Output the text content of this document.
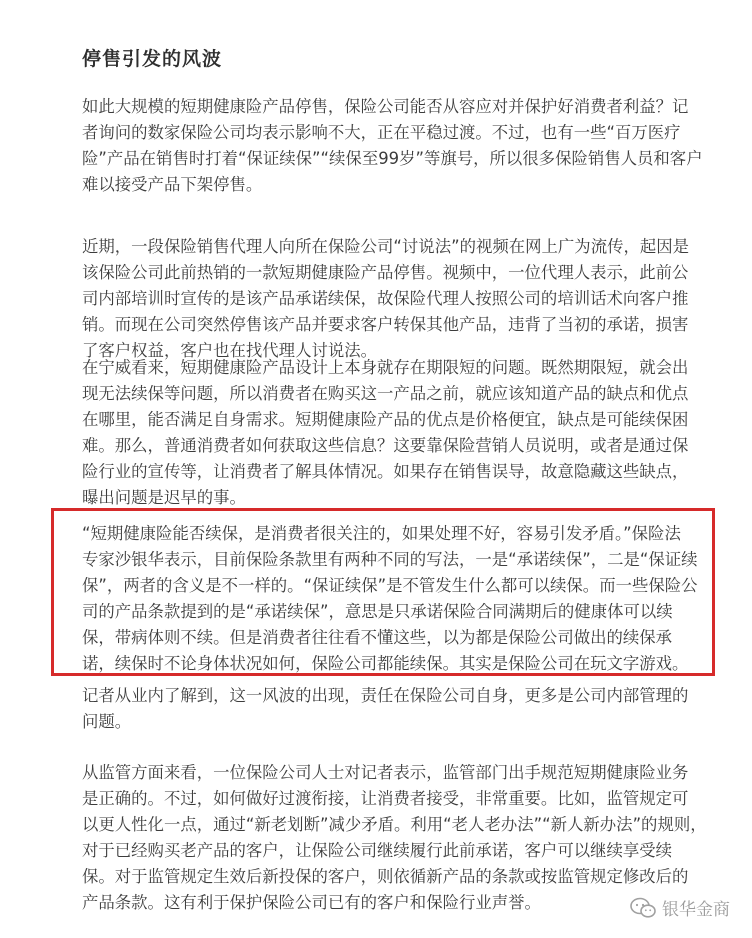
停售引发的风波
如此大规模的短期健康险产品停售，保险公司能否从容应对并保护好消费者利益？记
者询问的数家保险公司均表示影响不大，正在平稳过渡。不过，也有一些“百万医疗
险”产品在销售时打着“保证续保”“续保至99岁”等旗号，所以很多保险销售人员和客户
难以接受产品下架停售。
近期，一段保险销售代理人向所在保险公司“讨说法”的视频在网上广为流传，起因是
该保险公司此前热销的一款短期健康险产品停售。视频中，一位代理人表示，此前公
司内部培训时宣传的是该产品承诺续保，故保险代理人按照公司的培训话术向客户推
销。而现在公司突然停售该产品并要求客户转保其他产品，违背了当初的承诺，损害
了客户权益，客户也在找代理人讨说法。
在宁威看来，短期健康险产品设计上本身就存在期限短的问题。既然期限短，就会出
现无法续保等问题，所以消费者在购买这一产品之前，就应该知道产品的缺点和优点
在哪里，能否满足自身需求。短期健康险产品的优点是价格便宜，缺点是可能续保困
难。那么，普通消费者如何获取这些信息？这要靠保险营销人员说明，或者是通过保
险行业的宣传等，让消费者了解具体情况。如果存在销售误导，故意隐藏这些缺点，
曝出问题是迟早的事。
“短期健康险能否续保，是消费者很关注的，如果处理不好，容易引发矛盾。”保险法
专家沙银华表示，目前保险条款里有两种不同的写法，一是“承诺续保”，二是“保证续
保”，两者的含义是不一样的。“保证续保”是不管发生什么都可以续保。而一些保险公
司的产品条款提到的是“承诺续保”，意思是只承诺保险合同满期后的健康体可以续
保，带病体则不续。但是消费者往往看不懂这些，以为都是保险公司做出的续保承
诺，续保时不论身体状况如何，保险公司都能续保。其实是保险公司在玩文字游戏。
记者从业内了解到，这一风波的出现，责任在保险公司自身，更多是公司内部管理的
问题。
从监管方面来看，一位保险公司人士对记者表示，监管部门出手规范短期健康险业务
是正确的。不过，如何做好过渡衔接，让消费者接受，非常重要。比如，监管规定可
以更人性化一点，通过“新老划断”减少矛盾。利用“老人老办法”“新人新办法”的规则，
对于已经购买老产品的客户，让保险公司继续履行此前承诺，客户可以继续享受续
保。对于监管规定生效后新投保的客户，则依循新产品的条款或按监管规定修改后的
产品条款。这有利于保护保险公司已有的客户和保险行业声誉。	银华金商
